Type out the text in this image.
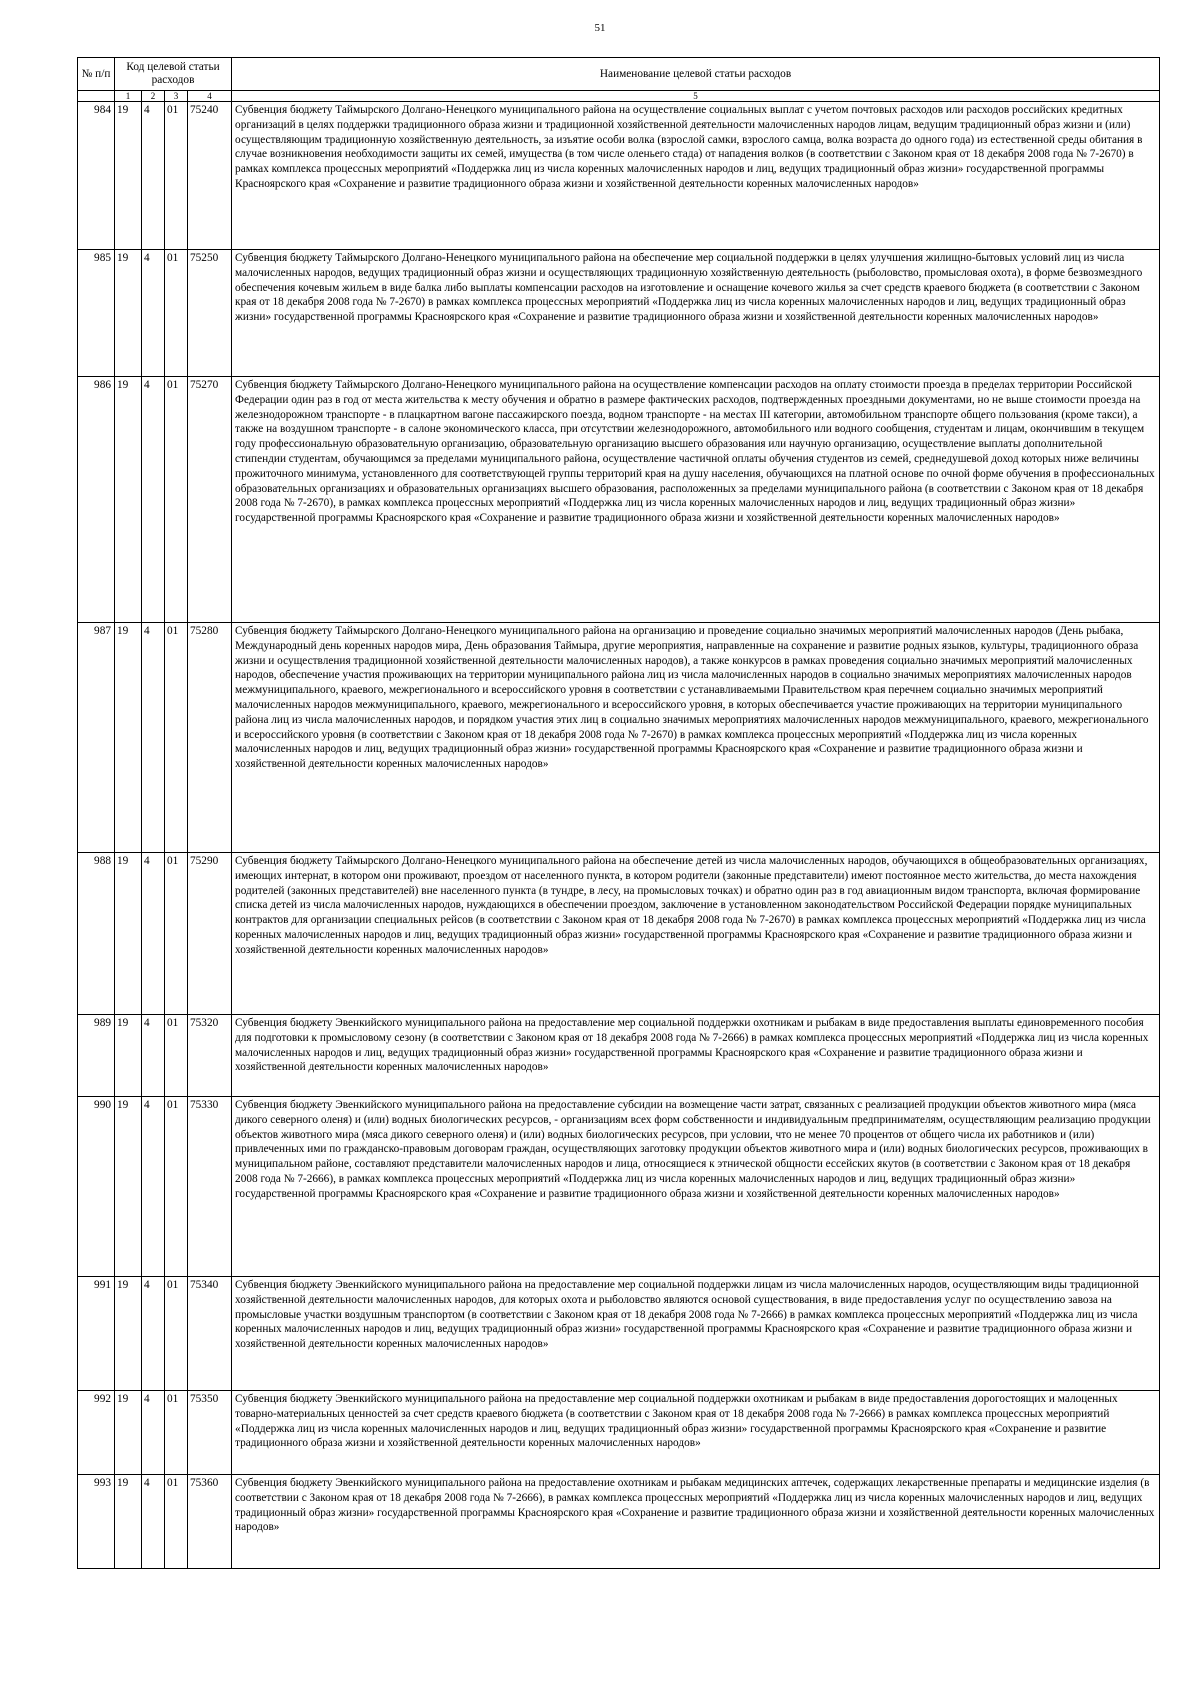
51
№ п/п	Код целевой статьи расходов				Наименование целевой статьи расходов
	1	2	3	4	5
984	19	4	01	75240	Субвенция бюджету Таймырского Долгано-Ненецкого муниципального района на осуществление социальных выплат с учетом почтовых расходов или расходов российских кредитных организаций в целях поддержки традиционного образа жизни и традиционной хозяйственной деятельности малочисленных народов лицам, ведущим традиционный образ жизни и (или) осуществляющим традиционную хозяйственную деятельность, за изъятие особи волка (взрослой самки, взрослого самца, волка возраста до одного года) из естественной среды обитания в случае возникновения необходимости защиты их семей, имущества (в том числе оленьего стада) от нападения волков (в соответствии с Законом края от 18 декабря 2008 года № 7-2670) в рамках комплекса процессных мероприятий «Поддержка лиц из числа коренных малочисленных народов и лиц, ведущих традиционный образ жизни» государственной программы Красноярского края «Сохранение и развитие традиционного образа жизни и хозяйственной деятельности коренных малочисленных народов»
985	19	4	01	75250	Субвенция бюджету Таймырского Долгано-Ненецкого муниципального района на обеспечение мер социальной поддержки в целях улучшения жилищно-бытовых условий лиц из числа малочисленных народов, ведущих традиционный образ жизни и осуществляющих традиционную хозяйственную деятельность (рыболовство, промысловая охота), в форме безвозмездного обеспечения кочевым жильем в виде балка либо выплаты компенсации расходов на изготовление и оснащение кочевого жилья за счет средств краевого бюджета (в соответствии с Законом края от 18 декабря 2008 года № 7-2670) в рамках комплекса процессных мероприятий «Поддержка лиц из числа коренных малочисленных народов и лиц, ведущих традиционный образ жизни» государственной программы Красноярского края «Сохранение и развитие традиционного образа жизни и хозяйственной деятельности коренных малочисленных народов»
986	19	4	01	75270	Субвенция бюджету Таймырского Долгано-Ненецкого муниципального района на осуществление компенсации расходов на оплату стоимости проезда в пределах территории Российской Федерации один раз в год от места жительства к месту обучения и обратно в размере фактических расходов, подтвержденных проездными документами, но не выше стоимости проезда на железнодорожном транспорте - в плацкартном вагоне пассажирского поезда, водном транспорте - на местах III категории, автомобильном транспорте общего пользования (кроме такси), а также на воздушном транспорте - в салоне экономического класса, при отсутствии железнодорожного, автомобильного или водного сообщения, студентам и лицам, окончившим в текущем году профессиональную образовательную организацию, образовательную организацию высшего образования или научную организацию, осуществление выплаты дополнительной стипендии студентам, обучающимся за пределами муниципального района, осуществление частичной оплаты обучения студентов из семей, среднедушевой доход которых ниже величины прожиточного минимума, установленного для соответствующей группы территорий края на душу населения, обучающихся на платной основе по очной форме обучения в профессиональных образовательных организациях и образовательных организациях высшего образования, расположенных за пределами муниципального района (в соответствии с Законом края от 18 декабря 2008 года № 7-2670), в рамках комплекса процессных мероприятий «Поддержка лиц из числа коренных малочисленных народов и лиц, ведущих традиционный образ жизни» государственной программы Красноярского края «Сохранение и развитие традиционного образа жизни и хозяйственной деятельности коренных малочисленных народов»
987	19	4	01	75280	Субвенция бюджету Таймырского Долгано-Ненецкого муниципального района на организацию и проведение социально значимых мероприятий малочисленных народов (День рыбака, Международный день коренных народов мира, День образования Таймыра, другие мероприятия, направленные на сохранение и развитие родных языков, культуры, традиционного образа жизни и осуществления традиционной хозяйственной деятельности малочисленных народов), а также конкурсов в рамках проведения социально значимых мероприятий малочисленных народов, обеспечение участия проживающих на территории муниципального района лиц из числа малочисленных народов в социально значимых мероприятиях малочисленных народов межмуниципального, краевого, межрегионального и всероссийского уровня в соответствии с устанавливаемыми Правительством края перечнем социально значимых мероприятий малочисленных народов межмуниципального, краевого, межрегионального и всероссийского уровня, в которых обеспечивается участие проживающих на территории муниципального района лиц из числа малочисленных народов, и порядком участия этих лиц в социально значимых мероприятиях малочисленных народов межмуниципального, краевого, межрегионального и всероссийского уровня (в соответствии с Законом края от 18 декабря 2008 года № 7-2670) в рамках комплекса процессных мероприятий «Поддержка лиц из числа коренных малочисленных народов и лиц, ведущих традиционный образ жизни» государственной программы Красноярского края «Сохранение и развитие традиционного образа жизни и хозяйственной деятельности коренных малочисленных народов»
988	19	4	01	75290	Субвенция бюджету Таймырского Долгано-Ненецкого муниципального района на обеспечение детей из числа малочисленных народов, обучающихся в общеобразовательных организациях, имеющих интернат, в котором они проживают, проездом от населенного пункта, в котором родители (законные представители) имеют постоянное место жительства, до места нахождения родителей (законных представителей) вне населенного пункта (в тундре, в лесу, на промысловых точках) и обратно один раз в год авиационным видом транспорта, включая формирование списка детей из числа малочисленных народов, нуждающихся в обеспечении проездом, заключение в установленном законодательством Российской Федерации порядке муниципальных контрактов для организации специальных рейсов (в соответствии с Законом края от 18 декабря 2008 года № 7-2670) в рамках комплекса процессных мероприятий «Поддержка лиц из числа коренных малочисленных народов и лиц, ведущих традиционный образ жизни» государственной программы Красноярского края «Сохранение и развитие традиционного образа жизни и хозяйственной деятельности коренных малочисленных народов»
989	19	4	01	75320	Субвенция бюджету Эвенкийского муниципального района на предоставление мер социальной поддержки охотникам и рыбакам в виде предоставления выплаты единовременного пособия для подготовки к промысловому сезону (в соответствии с Законом края от 18 декабря 2008 года № 7-2666) в рамках комплекса процессных мероприятий «Поддержка лиц из числа коренных малочисленных народов и лиц, ведущих традиционный образ жизни» государственной программы Красноярского края «Сохранение и развитие традиционного образа жизни и хозяйственной деятельности коренных малочисленных народов»
990	19	4	01	75330	Субвенция бюджету Эвенкийского муниципального района на предоставление субсидии на возмещение части затрат, связанных с реализацией продукции объектов животного мира (мяса дикого северного оленя) и (или) водных биологических ресурсов, - организациям всех форм собственности и индивидуальным предпринимателям, осуществляющим реализацию продукции объектов животного мира (мяса дикого северного оленя) и (или) водных биологических ресурсов, при условии, что не менее 70 процентов от общего числа их работников и (или) привлеченных ими по гражданско-правовым договорам граждан, осуществляющих заготовку продукции объектов животного мира и (или) водных биологических ресурсов, проживающих в муниципальном районе, составляют представители малочисленных народов и лица, относящиеся к этнической общности ессейских якутов (в соответствии с Законом края от 18 декабря 2008 года № 7-2666), в рамках комплекса процессных мероприятий «Поддержка лиц из числа коренных малочисленных народов и лиц, ведущих традиционный образ жизни» государственной программы Красноярского края «Сохранение и развитие традиционного образа жизни и хозяйственной деятельности коренных малочисленных народов»
991	19	4	01	75340	Субвенция бюджету Эвенкийского муниципального района на предоставление мер социальной поддержки лицам из числа малочисленных народов, осуществляющим виды традиционной хозяйственной деятельности малочисленных народов, для которых охота и рыболовство являются основой существования, в виде предоставления услуг по осуществлению завоза на промысловые участки воздушным транспортом (в соответствии с Законом края от 18 декабря 2008 года № 7-2666) в рамках комплекса процессных мероприятий «Поддержка лиц из числа коренных малочисленных народов и лиц, ведущих традиционный образ жизни» государственной программы Красноярского края «Сохранение и развитие традиционного образа жизни и хозяйственной деятельности коренных малочисленных народов»
992	19	4	01	75350	Субвенция бюджету Эвенкийского муниципального района на предоставление мер социальной поддержки охотникам и рыбакам в виде предоставления дорогостоящих и малоценных товарно-материальных ценностей за счет средств краевого бюджета (в соответствии с Законом края от 18 декабря 2008 года № 7-2666) в рамках комплекса процессных мероприятий «Поддержка лиц из числа коренных малочисленных народов и лиц, ведущих традиционный образ жизни» государственной программы Красноярского края «Сохранение и развитие традиционного образа жизни и хозяйственной деятельности коренных малочисленных народов»
993	19	4	01	75360	Субвенция бюджету Эвенкийского муниципального района на предоставление охотникам и рыбакам медицинских аптечек, содержащих лекарственные препараты и медицинские изделия (в соответствии с Законом края от 18 декабря 2008 года № 7-2666), в рамках комплекса процессных мероприятий «Поддержка лиц из числа коренных малочисленных народов и лиц, ведущих традиционный образ жизни» государственной программы Красноярского края «Сохранение и развитие традиционного образа жизни и хозяйственной деятельности коренных малочисленных народов»
